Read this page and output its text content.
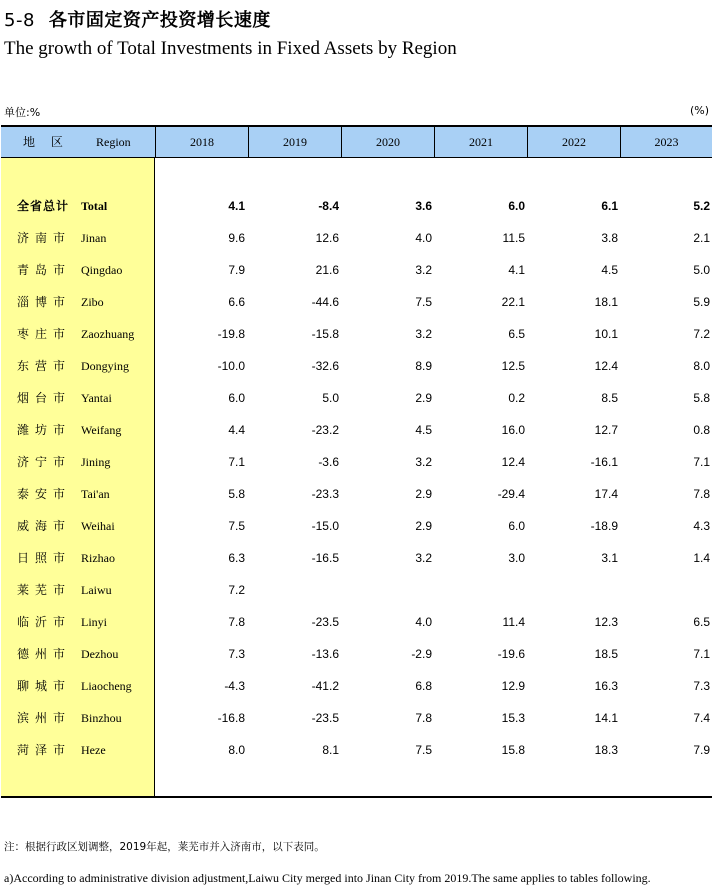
5-8 各市固定资产投资增长速度
The growth of Total Investments in Fixed Assets by Region
单位:%	(%)
地 区 Region	2018	2019	2020	2021	2022	2023
全省总计 Total	4.1	-8.4	3.6	6.0	6.1	5.2
济南市 Jinan	9.6	12.6	4.0	11.5	3.8	2.1
青岛市 Qingdao	7.9	21.6	3.2	4.1	4.5	5.0
淄博市 Zibo	6.6	-44.6	7.5	22.1	18.1	5.9
枣庄市 Zaozhuang	-19.8	-15.8	3.2	6.5	10.1	7.2
东营市 Dongying	-10.0	-32.6	8.9	12.5	12.4	8.0
烟台市 Yantai	6.0	5.0	2.9	0.2	8.5	5.8
潍坊市 Weifang	4.4	-23.2	4.5	16.0	12.7	0.8
济宁市 Jining	7.1	-3.6	3.2	12.4	-16.1	7.1
泰安市 Tai'an	5.8	-23.3	2.9	-29.4	17.4	7.8
威海市 Weihai	7.5	-15.0	2.9	6.0	-18.9	4.3
日照市 Rizhao	6.3	-16.5	3.2	3.0	3.1	1.4
莱芜市 Laiwu	7.2
临沂市 Linyi	7.8	-23.5	4.0	11.4	12.3	6.5
德州市 Dezhou	7.3	-13.6	-2.9	-19.6	18.5	7.1
聊城市 Liaocheng	-4.3	-41.2	6.8	12.9	16.3	7.3
滨州市 Binzhou	-16.8	-23.5	7.8	15.3	14.1	7.4
菏泽市 Heze	8.0	8.1	7.5	15.8	18.3	7.9
注：根据行政区划调整，2019年起，莱芜市并入济南市，以下表同。
a)According to administrative division adjustment,Laiwu City merged into Jinan City from 2019.The same applies to tables following.
